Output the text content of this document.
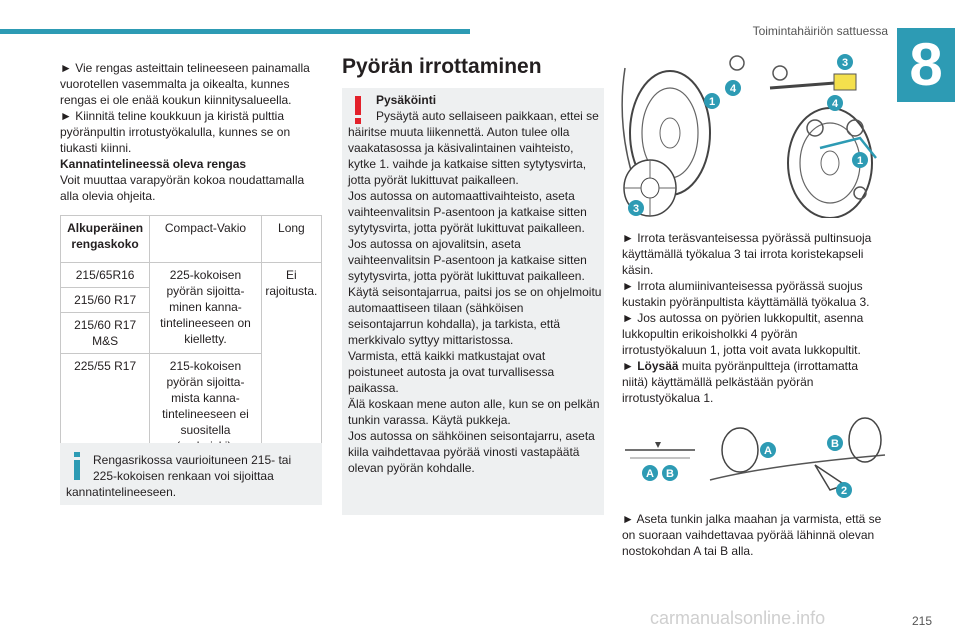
Toimintahäiriön sattuessa 8

► Vie rengas asteittain telineeseen painamalla vuorotellen vasemmalta ja oikealta, kunnes rengas ei ole enää koukun kiinnitysalueella.

► Kiinnitä teline koukkuun ja kiristä pulttia pyöränpultin irrotustyökalulla, kunnes se on tiukasti kiinni.

Kannatintelineessä oleva rengas

Voit muuttaa varapyörän kokoa noudattamalla alla olevia ohjeita.

Alkuperäinen rengaskoko	Compact-Vakio	Long
215/65R16	225-kokoisen pyörän sijoitta-minen kanna-tintelineeseen on kielletty.	Ei rajoitusta.
215/60 R17		
215/60 R17 M&S		
225/55 R17	215-kokoisen pyörän sijoitta-mista kanna-tintelineeseen ei suositella	
Rengasrikossa vaurioituneen 215- tai
225-kokoisen renkaan voi sijoittaa
kannatintelineeseen.
Pyörän irrottaminen
Pysäköinti

Pysäytä auto sellaiseen paikkaan, ettei se häiritse muuta liikennettä. Auton tulee olla vaakatasossa ja käsivalintainen vaihteisto, kytke 1. vaihde ja katkaise sitten sytytysvirta, jotta pyörät lukittuvat paikalleen.

Jos autossa on automaattivaihteisto, aseta vaihteenvalitsin P-asentoon ja katkaise sitten sytytysvirta, jotta pyörät lukittuvat paikalleen.

Jos autossa on ajovalitsin, aseta vaihteenvalitsin P-asentoon ja katkaise sitten sytytysvirta, jotta pyörät lukittuvat paikalleen.

Käytä seisontajarrua, paitsi jos se on ohjelmoitu automaattiseen tilaan (sähköisen seisontajarrun kohdalla), ja tarkista, että merkkivalo syttyy mittaristossa.

Varmista, että kaikki matkustajat ovat poistuneet autosta ja ovat turvallisessa paikassa.

Älä koskaan mene auton alle, kun se on pelkän tunkin varassa. Käytä pukkeja.

Jos autossa on sähköinen seisontajarru, aseta kiila vaihdettavaa pyörää vinosti vastapäätä olevan pyörän kohdalle.

1
4
3
3
4
1

► Irrota teräsvanteisessa pyörässä pultinsuoja käyttämällä työkalua 3 tai irrota koristekapseli käsin.

► Irrota alumiinivanteisessa pyörässä suojus kustakin pyöränpultista käyttämällä työkalua 3.

► Jos autossa on pyörien lukkopultit, asenna lukkopultin erikoisholkki 4 pyörän irrotustyökaluun 1, jotta voit avata lukkopultit.

► Löysää muita pyöränpultteja (irrottamatta niitä) käyttämällä pelkästään pyörän irrotustyökalua 1.

A B
A
B
2

► Aseta tunkin jalka maahan ja varmista, että se on suoraan vaihdettavaa pyörää lähinnä olevan nostokohdan A tai B alla.

carmanualsonline.info	215
